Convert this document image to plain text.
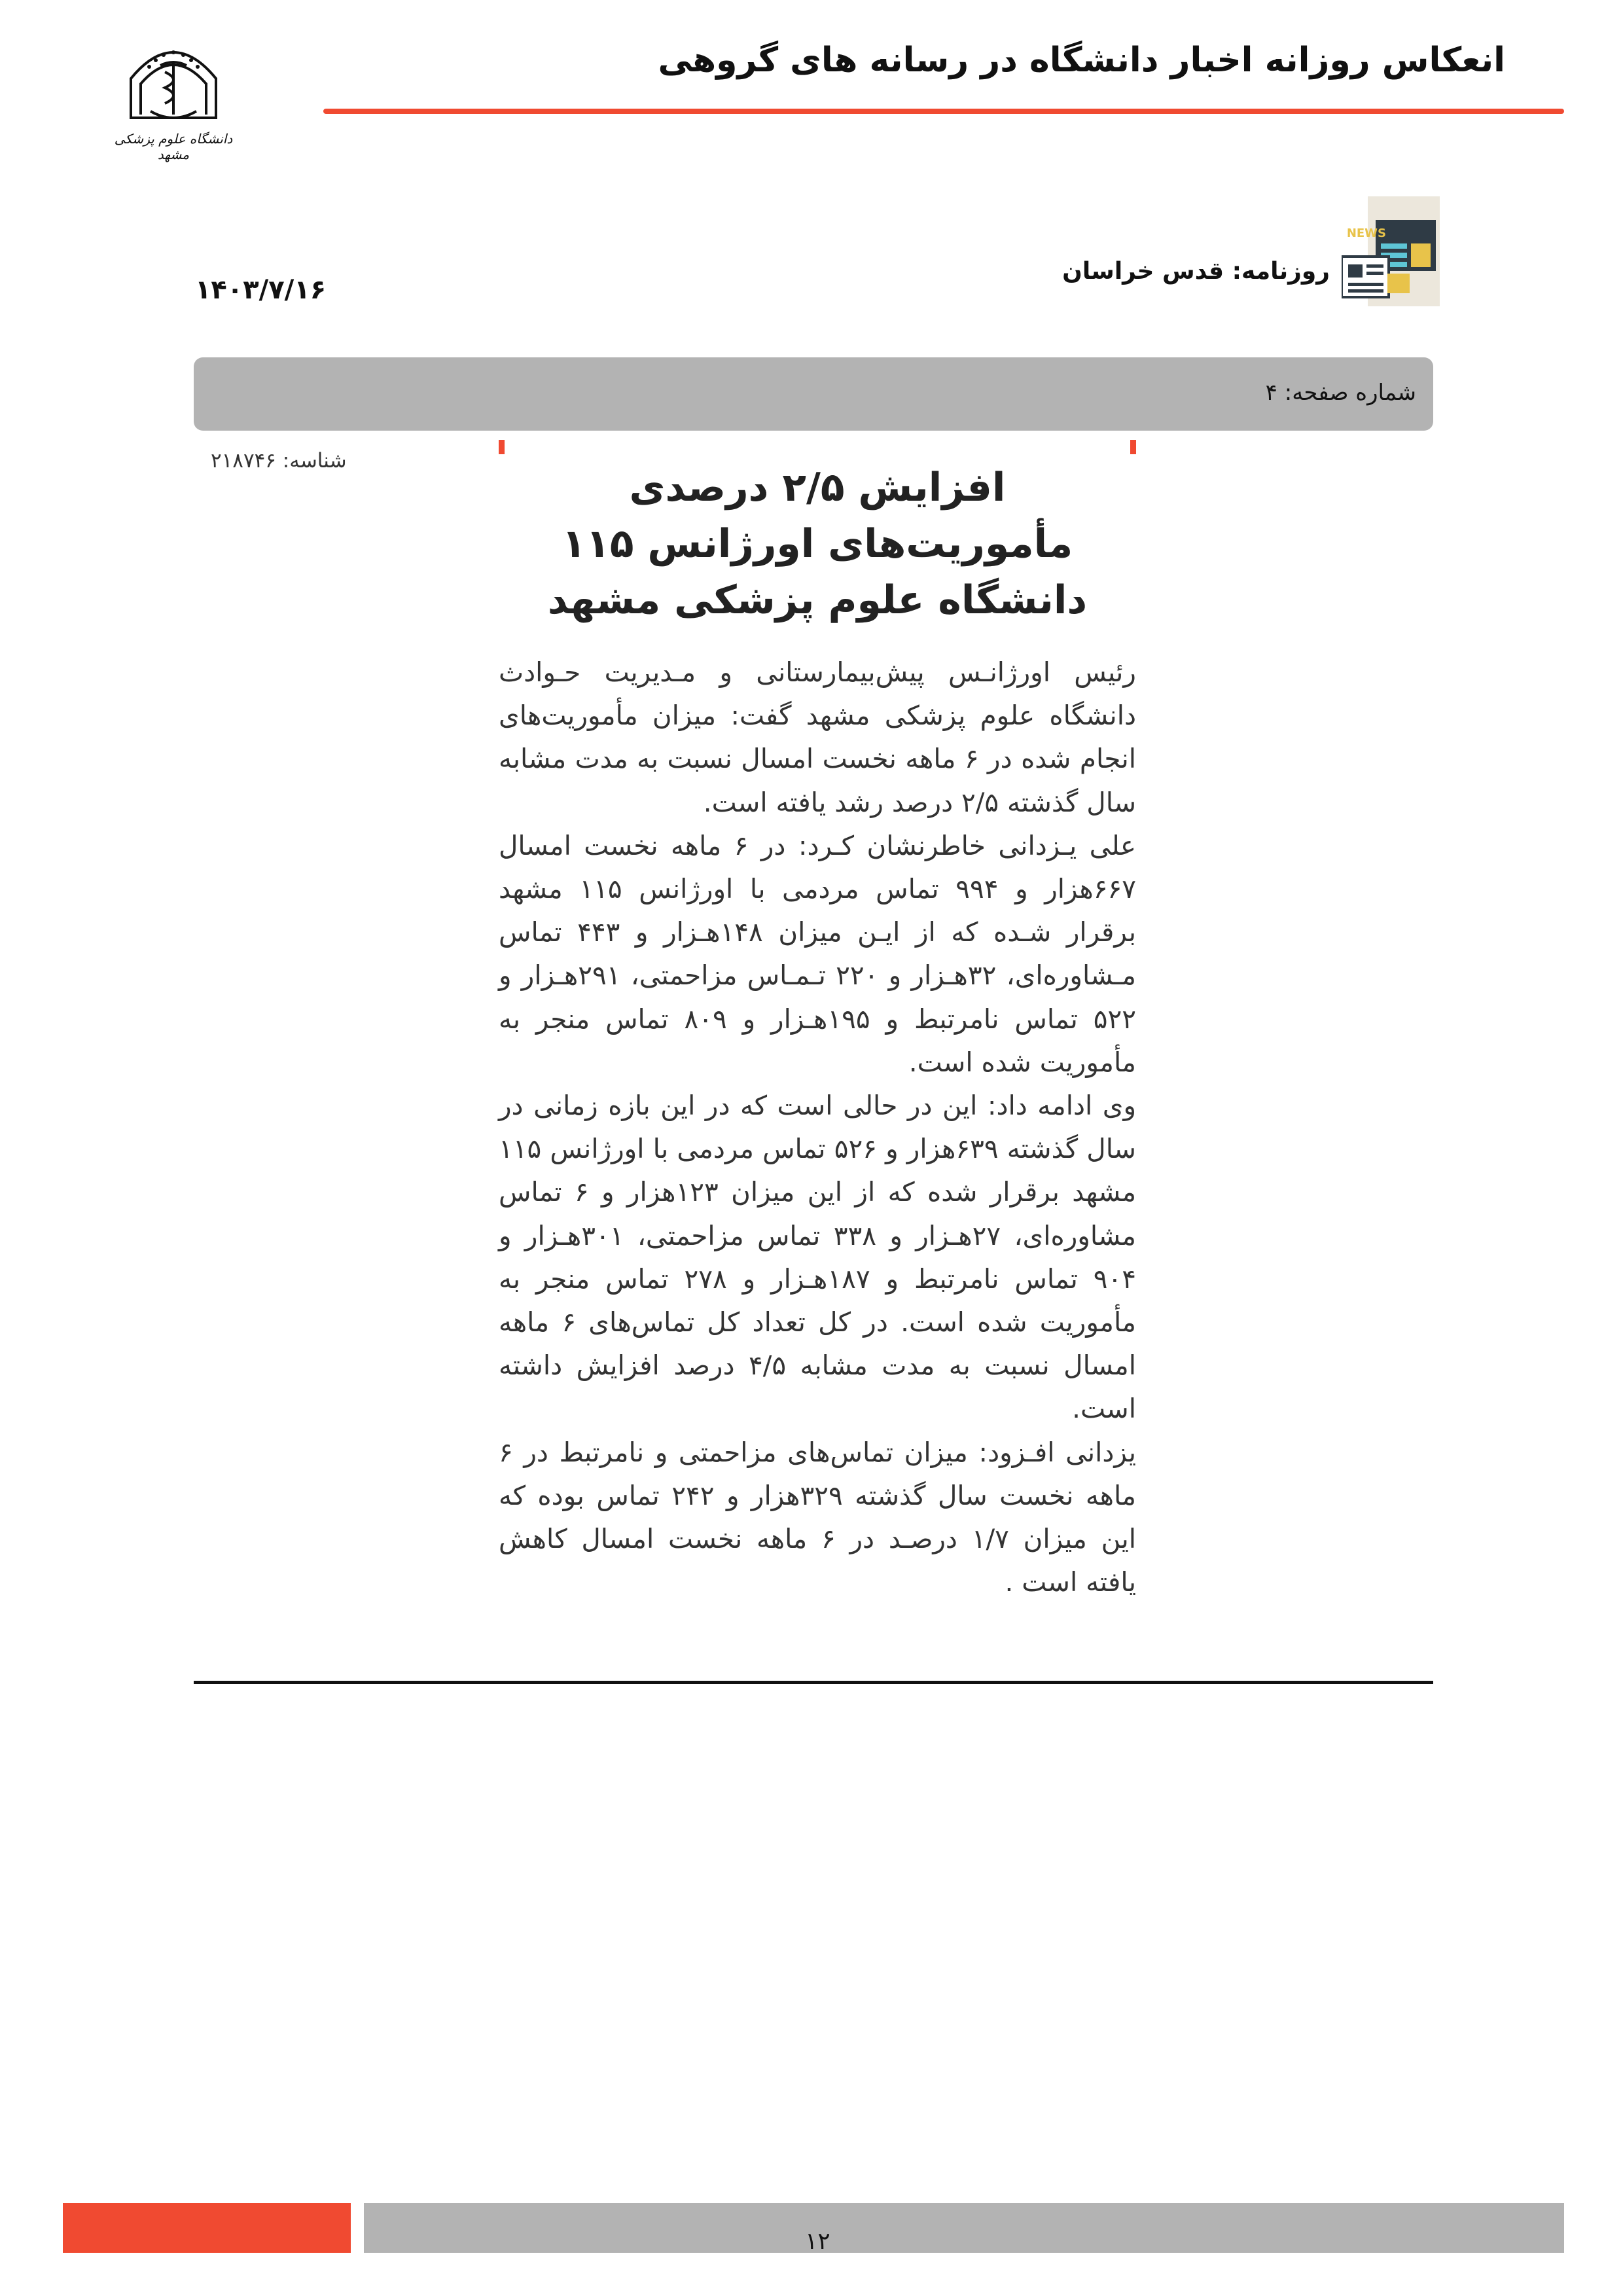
انعکاس روزانه اخبار دانشگاه در رسانه های گروهی
دانشگاه علوم پزشکی مشهد
NEWS
روزنامه: قدس خراسان
۱۴۰۳/۷/۱۶
شماره صفحه: ۴
شناسه: ۲۱۸۷۴۶
افزایش ۲/۵ درصدی
مأموریت‌های اورژانس ۱۱۵
دانشگاه علوم پزشکی مشهد

رئیس اورژانـس پیش‌بیمارستانی و مـدیریت حـوادث دانشگاه علوم پزشکی مشهد گفت: میزان مأموریت‌های انجام شده در ۶ ماهه نخست امسال نسبت به مدت مشابه سال گذشته ۲/۵ درصد رشد یافته است.

علی یـزدانی خاطرنشان کـرد: در ۶ ماهه نخست امسال ۶۶۷هزار و ۹۹۴ تماس مردمی با اورژانس ۱۱۵ مشهد برقرار شـده که از ایـن میزان ۱۴۸هـزار و ۴۴۳ تماس مـشاوره‌ای، ۳۲هـزار و ۲۲۰ تـمـاس مزاحمتی، ۲۹۱هـزار و ۵۲۲ تماس نامرتبط و ۱۹۵هـزار و ۸۰۹ تماس منجر به مأموریت شده است.

وی ادامه داد: این در حالی است که در این بازه زمانی در سال گذشته ۶۳۹هزار و ۵۲۶ تماس مردمی با اورژانس ۱۱۵ مشهد برقرار شده که از این میزان ۱۲۳هزار و ۶ تماس مشاوره‌ای، ۲۷هـزار و ۳۳۸ تماس مزاحمتی، ۳۰۱هـزار و ۹۰۴ تماس نامرتبط و ۱۸۷هـزار و ۲۷۸ تماس منجر به مأموریت شده است. در کل تعداد کل تماس‌های ۶ ماهه امسال نسبت به مدت مشابه ۴/۵ درصد افزایش داشته است.

یزدانی افـزود: میزان تماس‌های مزاحمتی و نامرتبط در ۶ ماهه نخست سال گذشته ۳۲۹هزار و ۲۴۲ تماس بوده که این میزان ۱/۷ درصـد در ۶ ماهه نخست امسال کاهش یافته است .

۱۲
